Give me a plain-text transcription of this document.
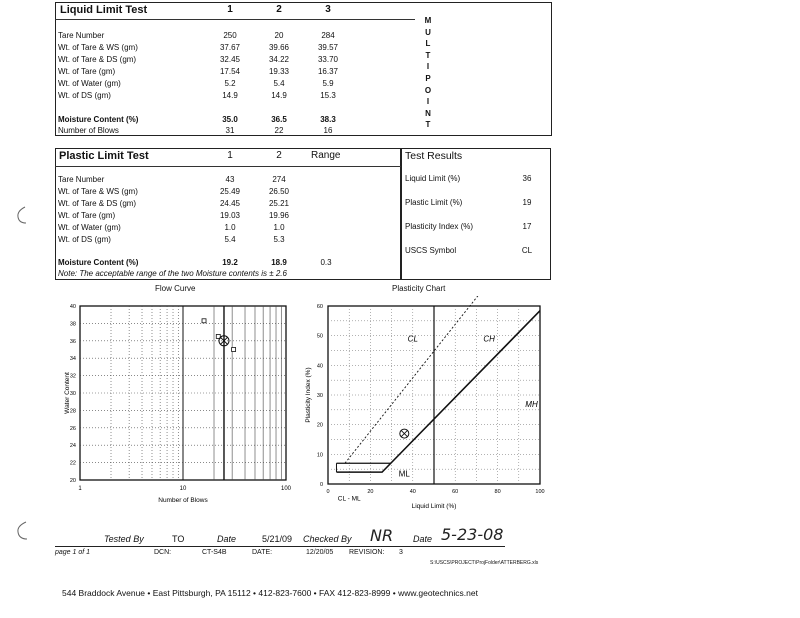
Liquid Limit Test	1	2	3
Tare Number	250	20	284
Wt. of Tare & WS (gm)	37.67	39.66	39.57
Wt. of Tare & DS (gm)	32.45	34.22	33.70
Wt. of Tare (gm)	17.54	19.33	16.37
Wt. of Water (gm)	5.2	5.4	5.9
Wt. of DS (gm)	14.9	14.9	15.3
Moisture Content (%)	35.0	36.5	38.3
Number of Blows	31	22	16
M
U
L
T
I
P
O
I
N
T
Plastic Limit Test	1	2	Range
Tare Number	43	274
Wt. of Tare & WS (gm)	25.49	26.50
Wt. of Tare & DS (gm)	24.45	25.21
Wt. of Tare (gm)	19.03	19.96
Wt. of Water (gm)	1.0	1.0
Wt. of DS (gm)	5.4	5.3
Moisture Content (%)	19.2	18.9	0.3
Note: The acceptable range of the two Moisture contents is ± 2.6
Test Results
Liquid Limit (%)	36
Plastic Limit (%)	19
Plasticity Index (%)	17
USCS Symbol	CL
Flow Curve
40
38
36
34
32
30
28
26
24
22
20
1	10	100
Number of Blows
Water Content
Plasticity Chart
60
50
40
30
20
10
0
0	20	40	60	80	100
Liquid Limit (%)
Plasticity Index (%)
CL	CH
MH
ML
CL - ML
Tested By	TO	Date	5/21/09 Checked By NR Date 5-23-08
page 1 of 1	DCN:	CT-S4B	DATE:	12/20/05 REVISION: 3
S:\USCS\PROJECT\ProjFolder\ATTERBERG.xls
544 Braddock Avenue • East Pittsburgh, PA 15112 • 412-823-7600 • FAX 412-823-8999 • www.geotechnics.net
